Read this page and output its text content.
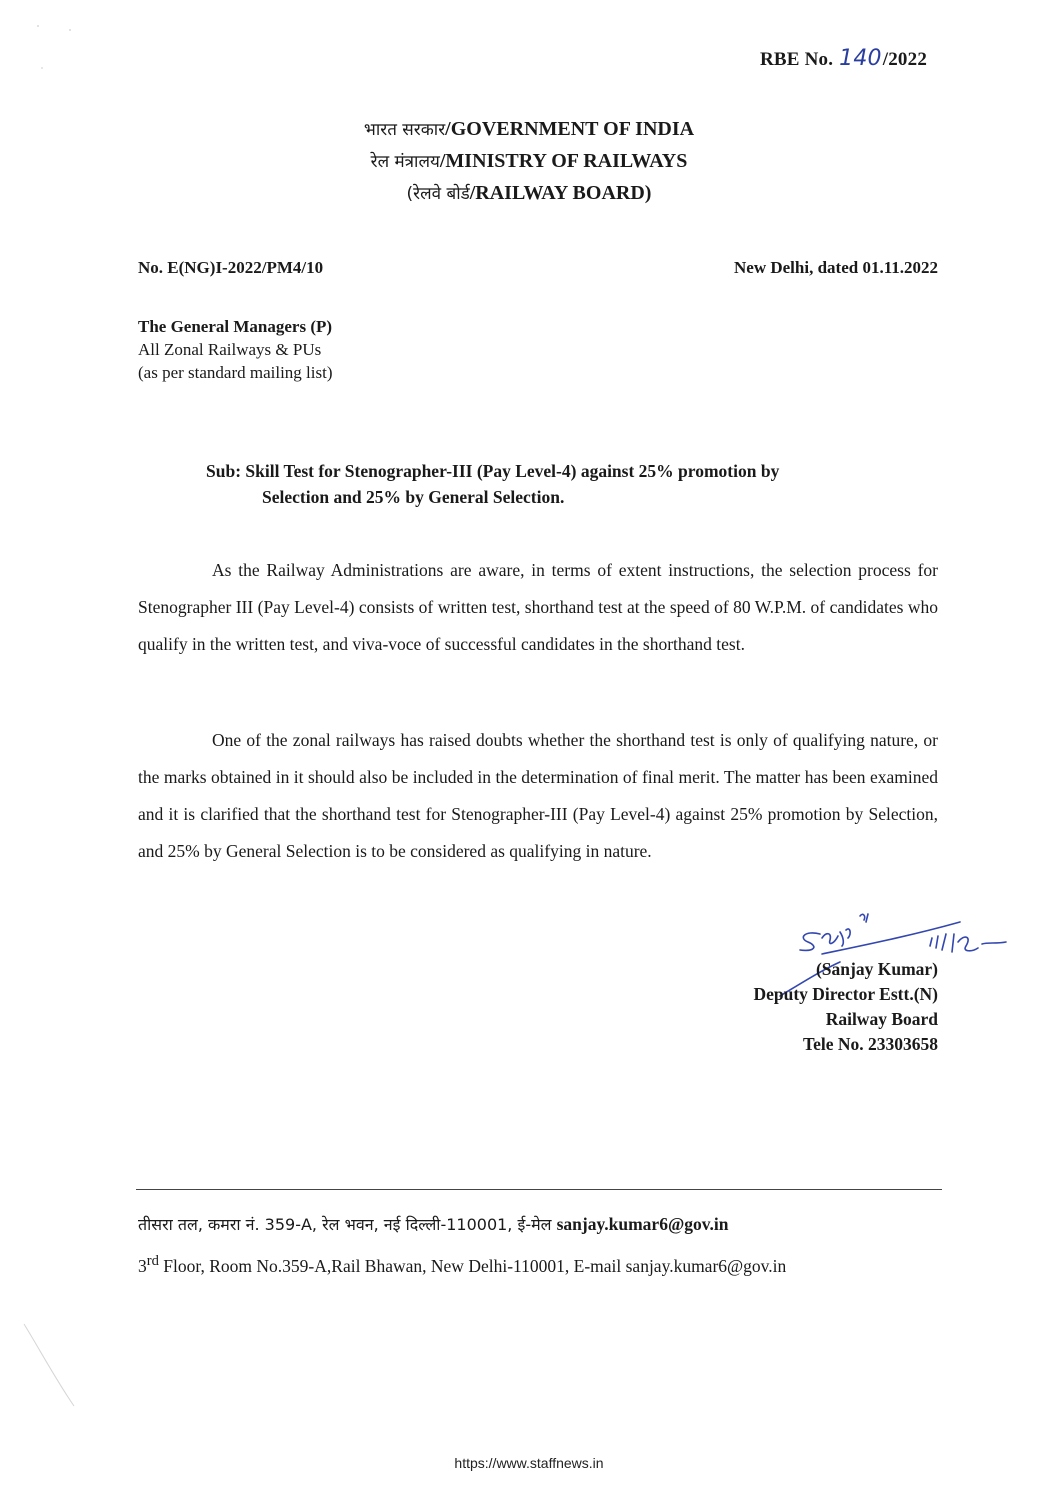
RBE No. 140/2022
भारत सरकार/GOVERNMENT OF INDIA
रेल मंत्रालय/MINISTRY OF RAILWAYS
(रेलवे बोर्ड/RAILWAY BOARD)
No. E(NG)I-2022/PM4/10	New Delhi, dated 01.11.2022
The General Managers (P)
All Zonal Railways & PUs
(as per standard mailing list)
Sub: Skill Test for Stenographer-III (Pay Level-4) against 25% promotion by
Selection and 25% by General Selection.

As the Railway Administrations are aware, in terms of extent instructions, the selection process for Stenographer III (Pay Level-4) consists of written test, shorthand test at the speed of 80 W.P.M. of candidates who qualify in the written test, and viva-voce of successful candidates in the shorthand test.

One of the zonal railways has raised doubts whether the shorthand test is only of qualifying nature, or the marks obtained in it should also be included in the determination of final merit. The matter has been examined and it is clarified that the shorthand test for Stenographer-III (Pay Level-4) against 25% promotion by Selection, and 25% by General Selection is to be considered as qualifying in nature.

(Sanjay Kumar)
Deputy Director Estt.(N)
Railway Board
Tele No. 23303658
तीसरा तल, कमरा नं. 359-A, रेल भवन, नई दिल्ली-110001, ई-मेल sanjay.kumar6@gov.in
3rd Floor, Room No.359-A,Rail Bhawan, New Delhi-110001, E-mail sanjay.kumar6@gov.in
https://www.staffnews.in
